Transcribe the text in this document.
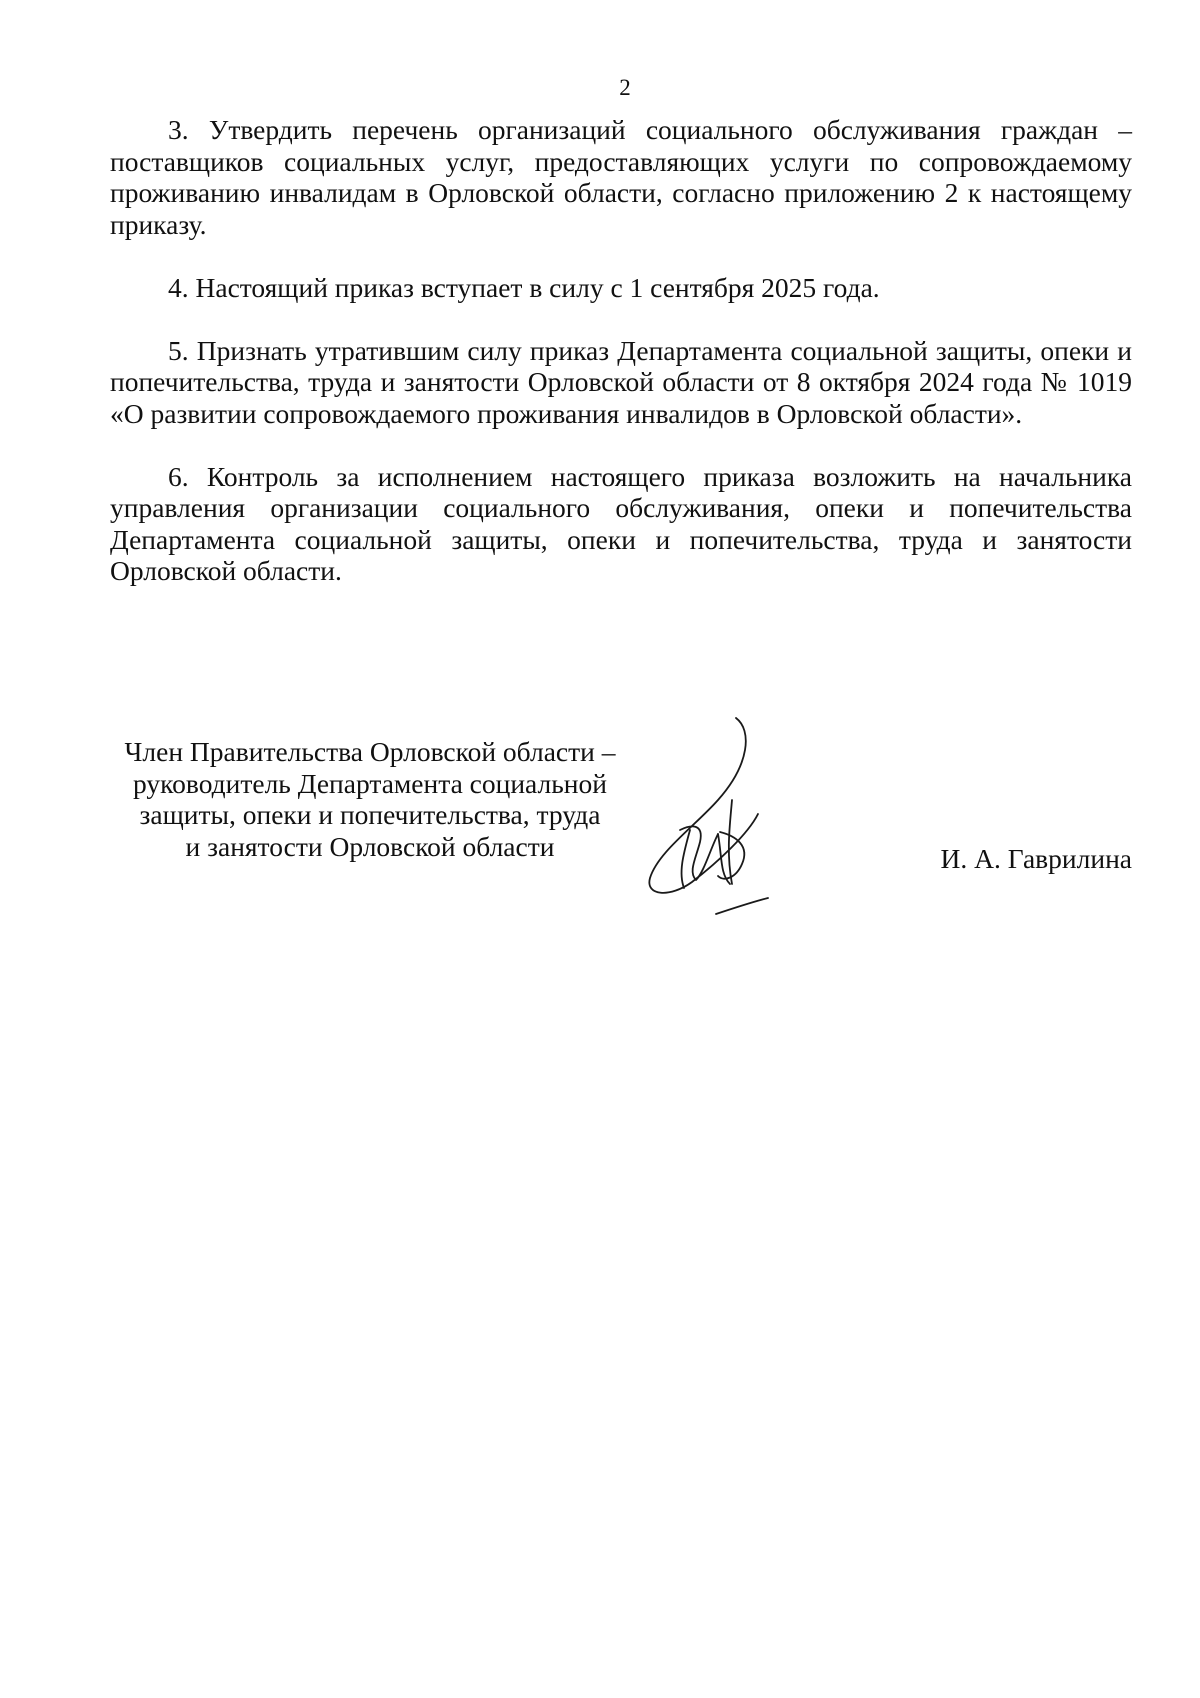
2

3. Утвердить перечень организаций социального обслуживания граждан – поставщиков социальных услуг, предоставляющих услуги по сопровождаемому проживанию инвалидам в Орловской области, согласно приложению 2 к настоящему приказу.

4. Настоящий приказ вступает в силу с 1 сентября 2025 года.

5. Признать утратившим силу приказ Департамента социальной защиты, опеки и попечительства, труда и занятости Орловской области от 8 октября 2024 года № 1019 «О развитии сопровождаемого проживания инвалидов в Орловской области».

6. Контроль за исполнением настоящего приказа возложить на начальника управления организации социального обслуживания, опеки и попечительства Департамента социальной защиты, опеки и попечительства, труда и занятости Орловской области.

Член Правительства Орловской области –
руководитель Департамента социальной
защиты, опеки и попечительства, труда
и занятости Орловской области	И. А. Гаврилина
